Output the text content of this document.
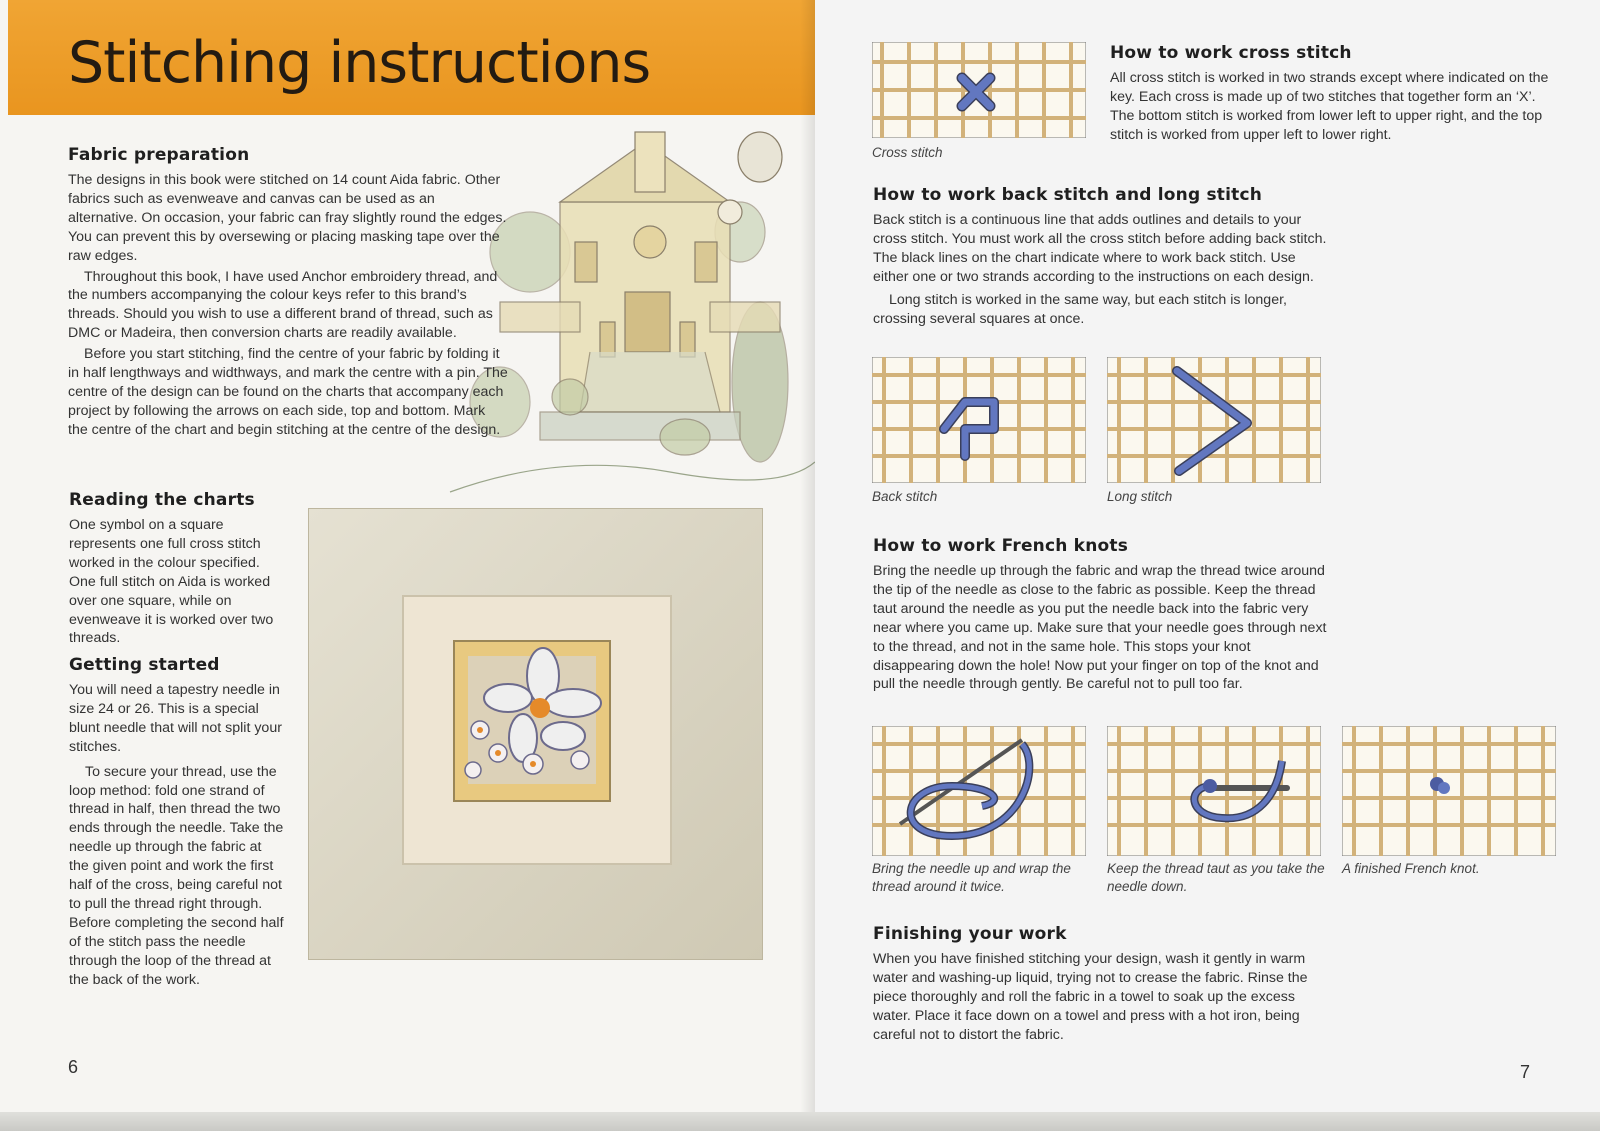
Stitching instructions
Fabric preparation

The designs in this book were stitched on 14 count Aida fabric. Other fabrics such as evenweave and canvas can be used as an alternative. On occasion, your fabric can fray slightly round the edges. You can prevent this by oversewing or placing masking tape over the raw edges.

Throughout this book, I have used Anchor embroidery thread, and the numbers accompanying the colour keys refer to this brand’s threads. Should you wish to use a different brand of thread, such as DMC or Madeira, then conversion charts are readily available.

Before you start stitching, find the centre of your fabric by folding it in half lengthways and widthways, and mark the centre with a pin. The centre of the design can be found on the charts that accompany each project by following the arrows on each side, top and bottom. Mark the centre of the chart and begin stitching at the centre of the design.

Reading the charts

One symbol on a square represents one full cross stitch worked in the colour specified. One full stitch on Aida is worked over one square, while on evenweave it is worked over two threads.

Getting started

You will need a tapestry needle in size 24 or 26. This is a special blunt needle that will not split your stitches.

To secure your thread, use the loop method: fold one strand of thread in half, then thread the two ends through the needle. Take the needle up through the fabric at the given point and work the first half of the cross, being careful not to pull the thread right through. Before completing the second half of the stitch pass the needle through the loop of the thread at the back of the work.

6
Cross stitch
How to work cross stitch

All cross stitch is worked in two strands except where indicated on the key. Each cross is made up of two stitches that together form an ‘X’. The bottom stitch is worked from lower left to upper right, and the top stitch is worked from upper left to lower right.

How to work back stitch and long stitch

Back stitch is a continuous line that adds outlines and details to your cross stitch. You must work all the cross stitch before adding back stitch. The black lines on the chart indicate where to work back stitch. Use either one or two strands according to the instructions on each design.

Long stitch is worked in the same way, but each stitch is longer, crossing several squares at once.

Back stitch	Long stitch
How to work French knots

Bring the needle up through the fabric and wrap the thread twice around the tip of the needle as close to the fabric as possible. Keep the thread taut around the needle as you put the needle back into the fabric very near where you came up. Make sure that your needle goes through next to the thread, and not in the same hole. This stops your knot disappearing down the hole! Now put your finger on top of the knot and pull the needle through gently. Be careful not to pull too far.

Bring the needle up and wrap the thread around it twice.
Keep the thread taut as you take the needle down.
A finished French knot.
Finishing your work

When you have finished stitching your design, wash it gently in warm water and washing-up liquid, trying not to crease the fabric. Rinse the piece thoroughly and roll the fabric in a towel to soak up the excess water. Place it face down on a towel and press with a hot iron, being careful not to distort the fabric.

7
